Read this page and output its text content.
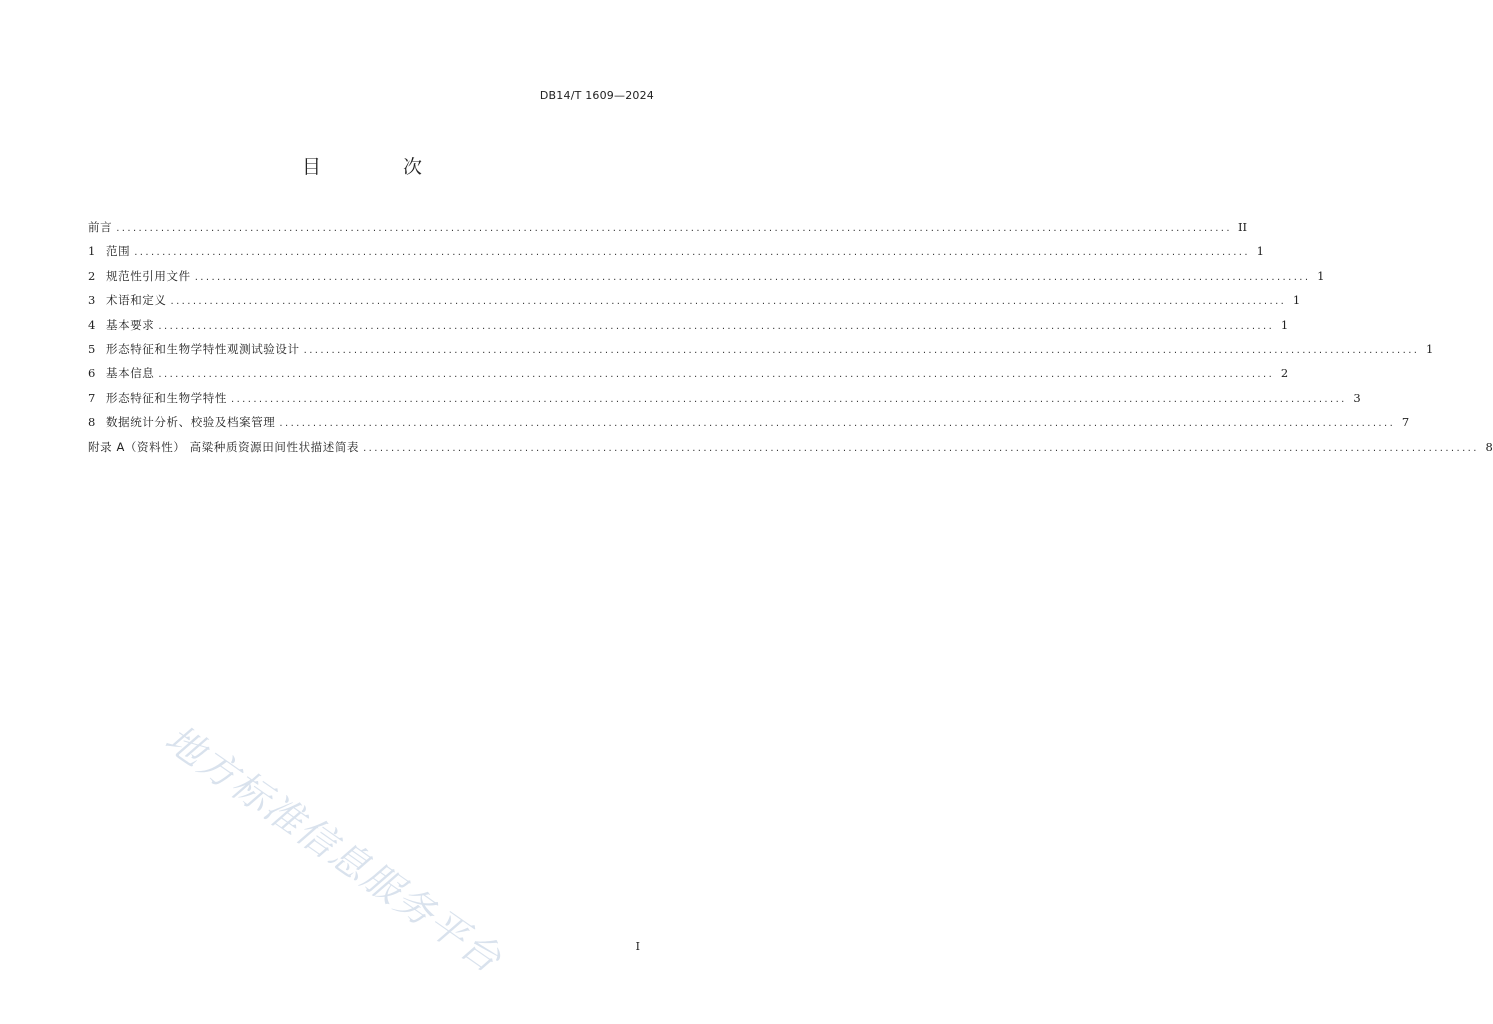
DB14/T 1609—2024
目 次
前言 ........................................................................................................................................................................................................ II
1 范围 ........................................................................................................................................................................................................ 1
2 规范性引用文件 ........................................................................................................................................................................................................ 1
3 术语和定义 ........................................................................................................................................................................................................ 1
4 基本要求 ........................................................................................................................................................................................................ 1
5 形态特征和生物学特性观测试验设计 ........................................................................................................................................................................................................ 1
6 基本信息 ........................................................................................................................................................................................................ 2
7 形态特征和生物学特性 ........................................................................................................................................................................................................ 3
8 数据统计分析、校验及档案管理 ........................................................................................................................................................................................................ 7
附录 A（资料性） 高粱种质资源田间性状描述简表 ........................................................................................................................................................................................................ 8
地方标准信息服务平台	I
